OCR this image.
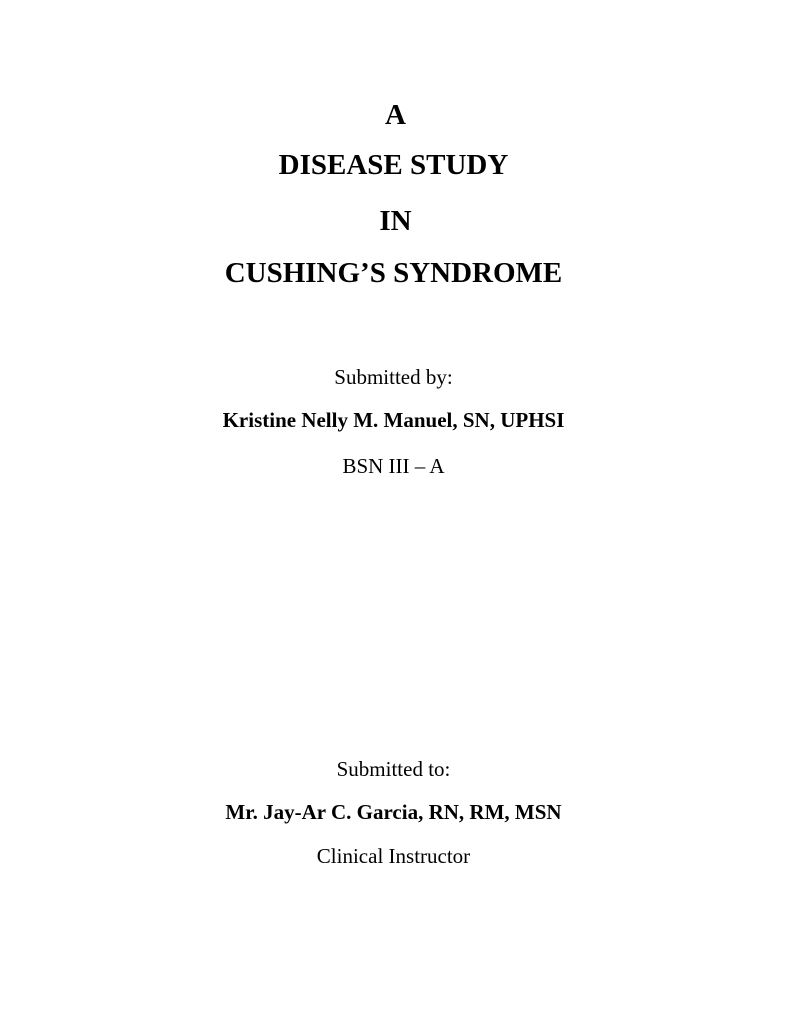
A
DISEASE STUDY
IN
CUSHING’S SYNDROME
Submitted by:
Kristine Nelly M. Manuel, SN, UPHSI
BSN III – A
Submitted to:
Mr. Jay-Ar C. Garcia, RN, RM, MSN
Clinical Instructor
